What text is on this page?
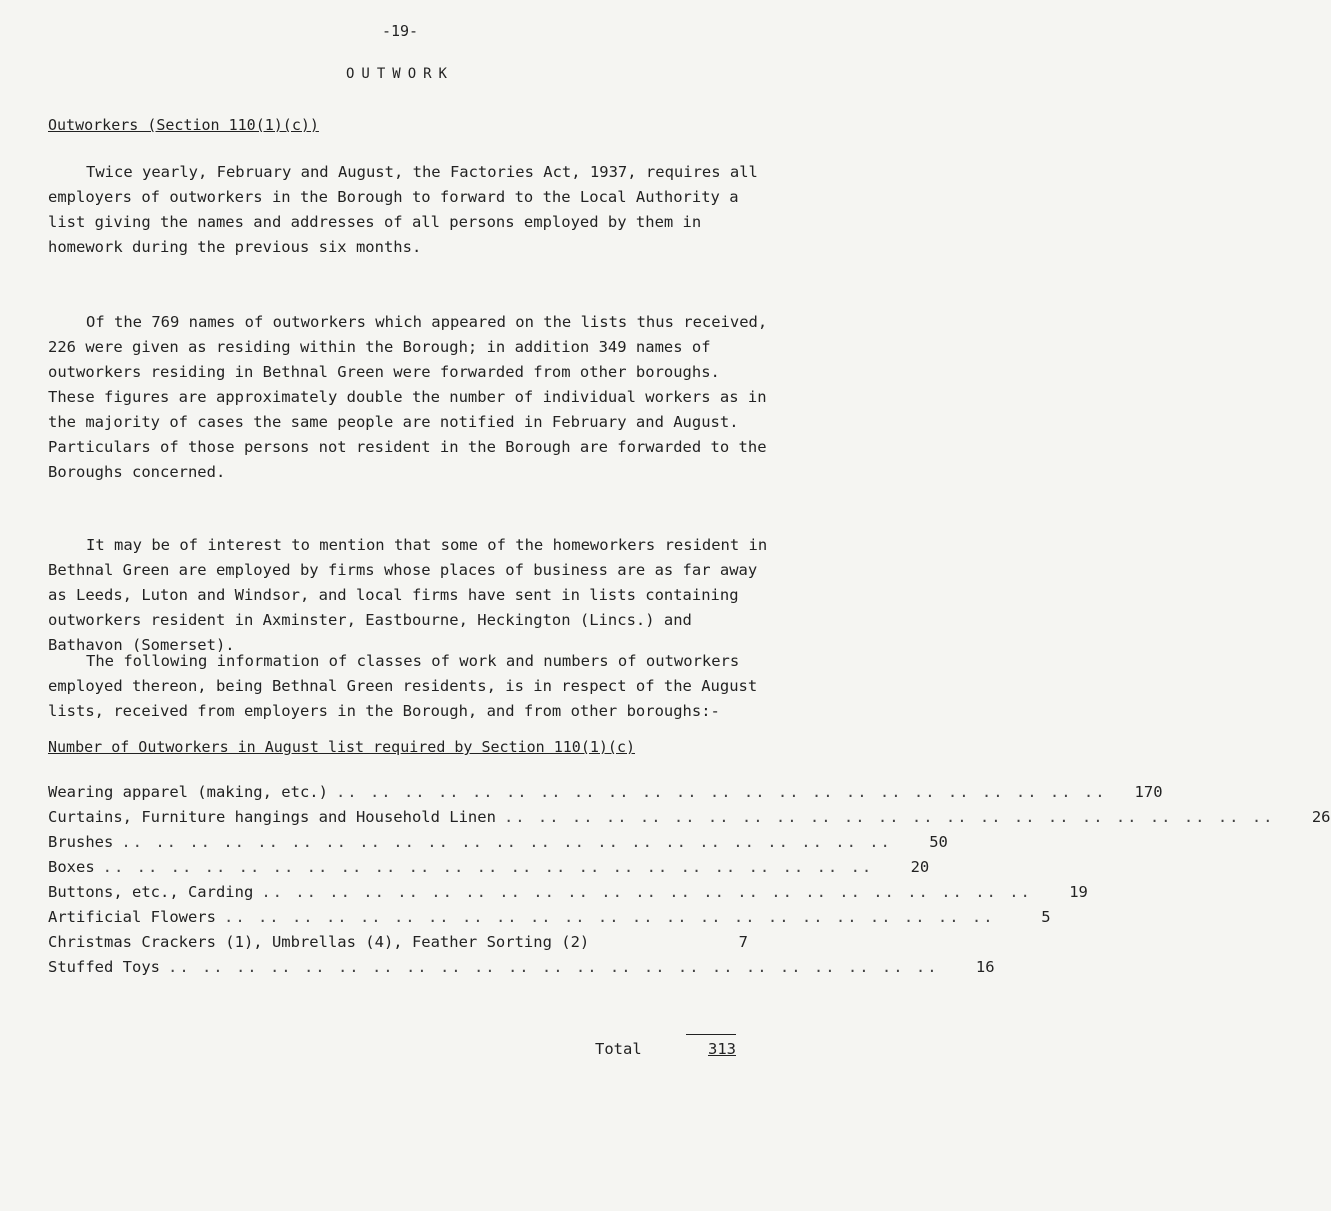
-19-
OUTWORK
Outworkers (Section 110(1)(c))

Twice yearly, February and August, the Factories Act, 1937, requires all employers of outworkers in the Borough to forward to the Local Authority a list giving the names and addresses of all persons employed by them in homework during the previous six months.

Of the 769 names of outworkers which appeared on the lists thus received, 226 were given as residing within the Borough; in addition 349 names of outworkers residing in Bethnal Green were forwarded from other boroughs. These figures are approximately double the number of individual workers as in the majority of cases the same people are notified in February and August. Particulars of those persons not resident in the Borough are forwarded to the Boroughs concerned.

It may be of interest to mention that some of the homeworkers resident in Bethnal Green are employed by firms whose places of business are as far away as Leeds, Luton and Windsor, and local firms have sent in lists containing outworkers resident in Axminster, Eastbourne, Heckington (Lincs.) and Bathavon (Somerset).

The following information of classes of work and numbers of outworkers employed thereon, being Bethnal Green residents, is in respect of the August lists, received from employers in the Borough, and from other boroughs:-

Number of Outworkers in August list required by Section 110(1)(c)
Wearing apparel (making, etc.) .. .. .. .. .. .. .. .. .. .. .. .. .. .. .. .. .. .. .. .. .. .. ..	170
Curtains, Furniture hangings and Household Linen .. .. .. .. .. .. .. .. .. .. .. .. .. .. .. .. .. .. .. .. .. .. ..	26
Brushes .. .. .. .. .. .. .. .. .. .. .. .. .. .. .. .. .. .. .. .. .. .. ..	50
Boxes .. .. .. .. .. .. .. .. .. .. .. .. .. .. .. .. .. .. .. .. .. .. ..	20
Buttons, etc., Carding .. .. .. .. .. .. .. .. .. .. .. .. .. .. .. .. .. .. .. .. .. .. ..	19
Artificial Flowers .. .. .. .. .. .. .. .. .. .. .. .. .. .. .. .. .. .. .. .. .. .. ..	5
Christmas Crackers (1), Umbrellas (4), Feather Sorting (2)	7
Stuffed Toys .. .. .. .. .. .. .. .. .. .. .. .. .. .. .. .. .. .. .. .. .. .. ..	16
Total	313
